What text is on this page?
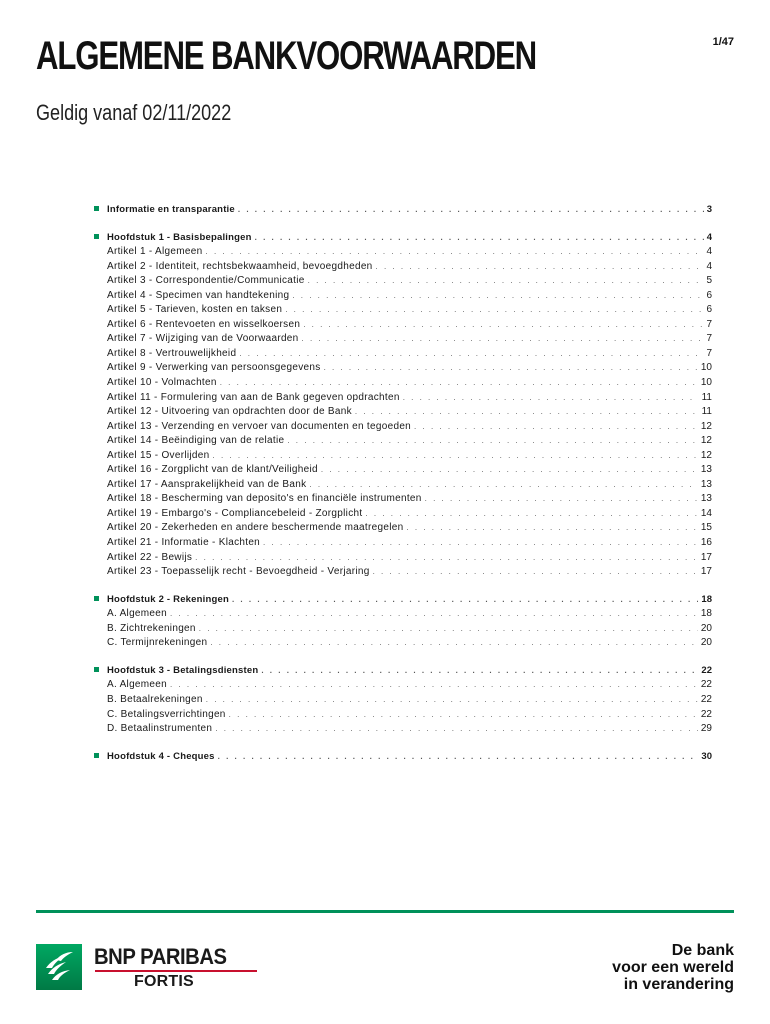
ALGEMENE BANKVOORWAARDEN	1/47
Geldig vanaf 02/11/2022
Informatie en transparantie . . .	3
Hoofdstuk 1 - Basisbepalingen . . .	4
Artikel 1 - Algemeen . . .	4
Artikel 2 - Identiteit, rechtsbekwaamheid, bevoegdheden . . .	4
Artikel 3 - Correspondentie/Communicatie . . .	5
Artikel 4 - Specimen van handtekening . . .	6
Artikel 5 - Tarieven, kosten en taksen . . .	6
Artikel 6 - Rentevoeten en wisselkoersen . . .	7
Artikel 7 - Wijziging van de Voorwaarden . . .	7
Artikel 8 - Vertrouwelijkheid . . .	7
Artikel 9 - Verwerking van persoonsgegevens . . .	10
Artikel 10 - Volmachten . . .	10
Artikel 11 - Formulering van aan de Bank gegeven opdrachten . . .	11
Artikel 12 - Uitvoering van opdrachten door de Bank . . .	11
Artikel 13 - Verzending en vervoer van documenten en tegoeden . . .	12
Artikel 14 - Beëindiging van de relatie . . .	12
Artikel 15 - Overlijden . . .	12
Artikel 16 - Zorgplicht van de klant/Veiligheid . . .	13
Artikel 17 - Aansprakelijkheid van de Bank . . .	13
Artikel 18 - Bescherming van deposito's en financiële instrumenten . . .	13
Artikel 19 - Embargo's - Compliancebeleid - Zorgplicht . . .	14
Artikel 20 - Zekerheden en andere beschermende maatregelen . . .	15
Artikel 21 - Informatie - Klachten . . .	16
Artikel 22 - Bewijs . . .	17
Artikel 23 - Toepasselijk recht - Bevoegdheid - Verjaring . . .	17
Hoofdstuk 2 - Rekeningen . . .	18
A. Algemeen . . .	18
B. Zichtrekeningen . . .	20
C. Termijnrekeningen . . .	20
Hoofdstuk 3 - Betalingsdiensten . . .	22
A. Algemeen . . .	22
B. Betaalrekeningen . . .	22
C. Betalingsverrichtingen . . .	22
D. Betaalinstrumenten . . .	29
Hoofdstuk 4 - Cheques . . .	30
BNP PARIBAS
FORTIS
De bank
voor een wereld
in verandering
